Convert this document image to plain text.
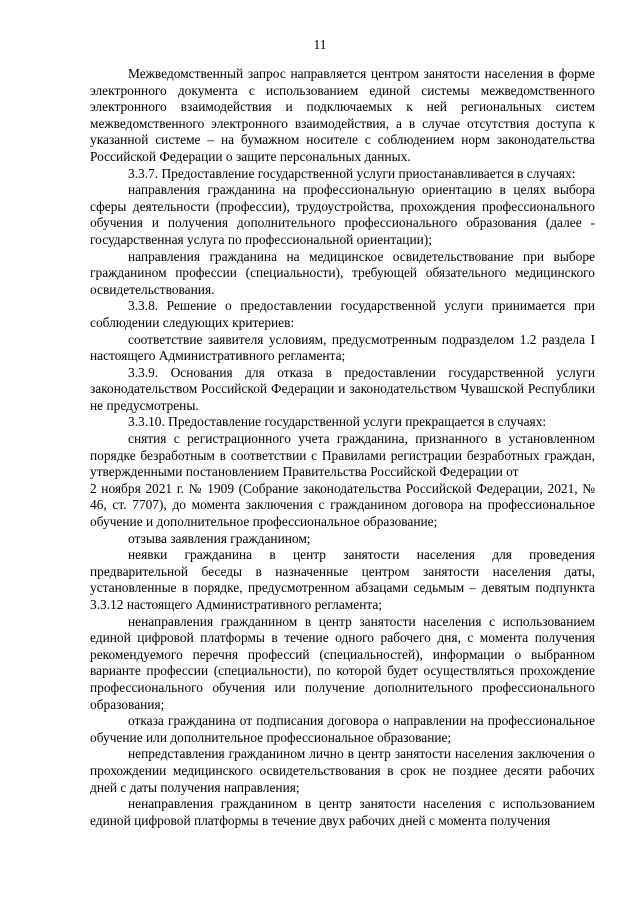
11

Межведомственный запрос направляется центром занятости населения в форме электронного документа с использованием единой системы межведомственного электронного взаимодействия и подключаемых к ней региональных систем межведомственного электронного взаимодействия, а в случае отсутствия доступа к указанной системе – на бумажном носителе с соблюдением норм законодательства Российской Федерации о защите персональных данных.

3.3.7. Предоставление государственной услуги приостанавливается в случаях:

направления гражданина на профессиональную ориентацию в целях выбора сферы деятельности (профессии), трудоустройства, прохождения профессионального обучения и получения дополнительного профессионального образования (далее - государственная услуга по профессиональной ориентации);

направления гражданина на медицинское освидетельствование при выборе гражданином профессии (специальности), требующей обязательного медицинского освидетельствования.

3.3.8. Решение о предоставлении государственной услуги принимается при соблюдении следующих критериев:

соответствие заявителя условиям, предусмотренным подразделом 1.2 раздела I настоящего Административного регламента;

3.3.9. Основания для отказа в предоставлении государственной услуги законодательством Российской Федерации и законодательством Чувашской Республики не предусмотрены.

3.3.10. Предоставление государственной услуги прекращается в случаях:

снятия с регистрационного учета гражданина, признанного в установленном порядке безработным в соответствии с Правилами регистрации безработных граждан, утвержденными постановлением Правительства Российской Федерации от

2 ноября 2021 г. № 1909 (Собрание законодательства Российской Федерации, 2021, № 46, ст. 7707), до момента заключения с гражданином договора на профессиональное обучение и дополнительное профессиональное образование;

отзыва заявления гражданином;

неявки гражданина в центр занятости населения для проведения предварительной беседы в назначенные центром занятости населения даты, установленные в порядке, предусмотренном абзацами седьмым – девятым подпункта 3.3.12 настоящего Административного регламента;

ненаправления гражданином в центр занятости населения с использованием единой цифровой платформы в течение одного рабочего дня, с момента получения рекомендуемого перечня профессий (специальностей), информации о выбранном варианте профессии (специальности), по которой будет осуществляться прохождение профессионального обучения или получение дополнительного профессионального образования;

отказа гражданина от подписания договора о направлении на профессиональное обучение или дополнительное профессиональное образование;

непредставления гражданином лично в центр занятости населения заключения о прохождении медицинского освидетельствования в срок не позднее десяти рабочих дней с даты получения направления;

ненаправления гражданином в центр занятости населения с использованием единой цифровой платформы в течение двух рабочих дней с момента получения
